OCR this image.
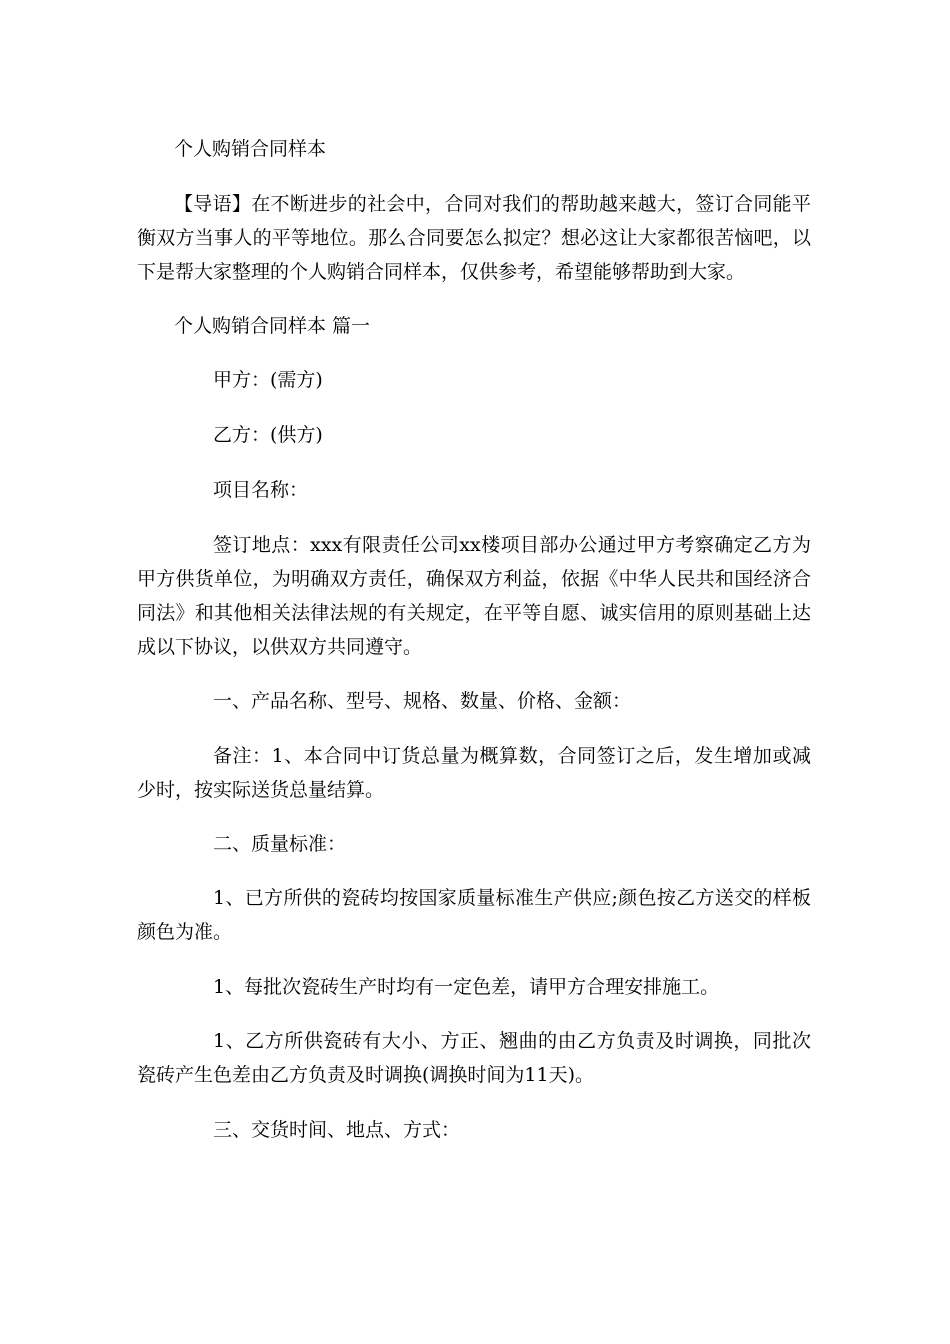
个人购销合同样本

【导语】在不断进步的社会中，合同对我们的帮助越来越大，签订合同能平衡双方当事人的平等地位。那么合同要怎么拟定？想必这让大家都很苦恼吧，以下是帮大家整理的个人购销合同样本，仅供参考，希望能够帮助到大家。

个人购销合同样本 篇一

甲方：(需方)

乙方：(供方)

项目名称：

签订地点：xxx有限责任公司xx楼项目部办公通过甲方考察确定乙方为甲方供货单位，为明确双方责任，确保双方利益，依据《中华人民共和国经济合同法》和其他相关法律法规的有关规定，在平等自愿、诚实信用的原则基础上达成以下协议，以供双方共同遵守。

一、产品名称、型号、规格、数量、价格、金额：

备注：1、本合同中订货总量为概算数，合同签订之后，发生增加或减少时，按实际送货总量结算。

二、质量标准：

1、已方所供的瓷砖均按国家质量标准生产供应;颜色按乙方送交的样板颜色为准。

1、每批次瓷砖生产时均有一定色差，请甲方合理安排施工。

1、乙方所供瓷砖有大小、方正、翘曲的由乙方负责及时调换，同批次瓷砖产生色差由乙方负责及时调换(调换时间为11天)。

三、交货时间、地点、方式：
